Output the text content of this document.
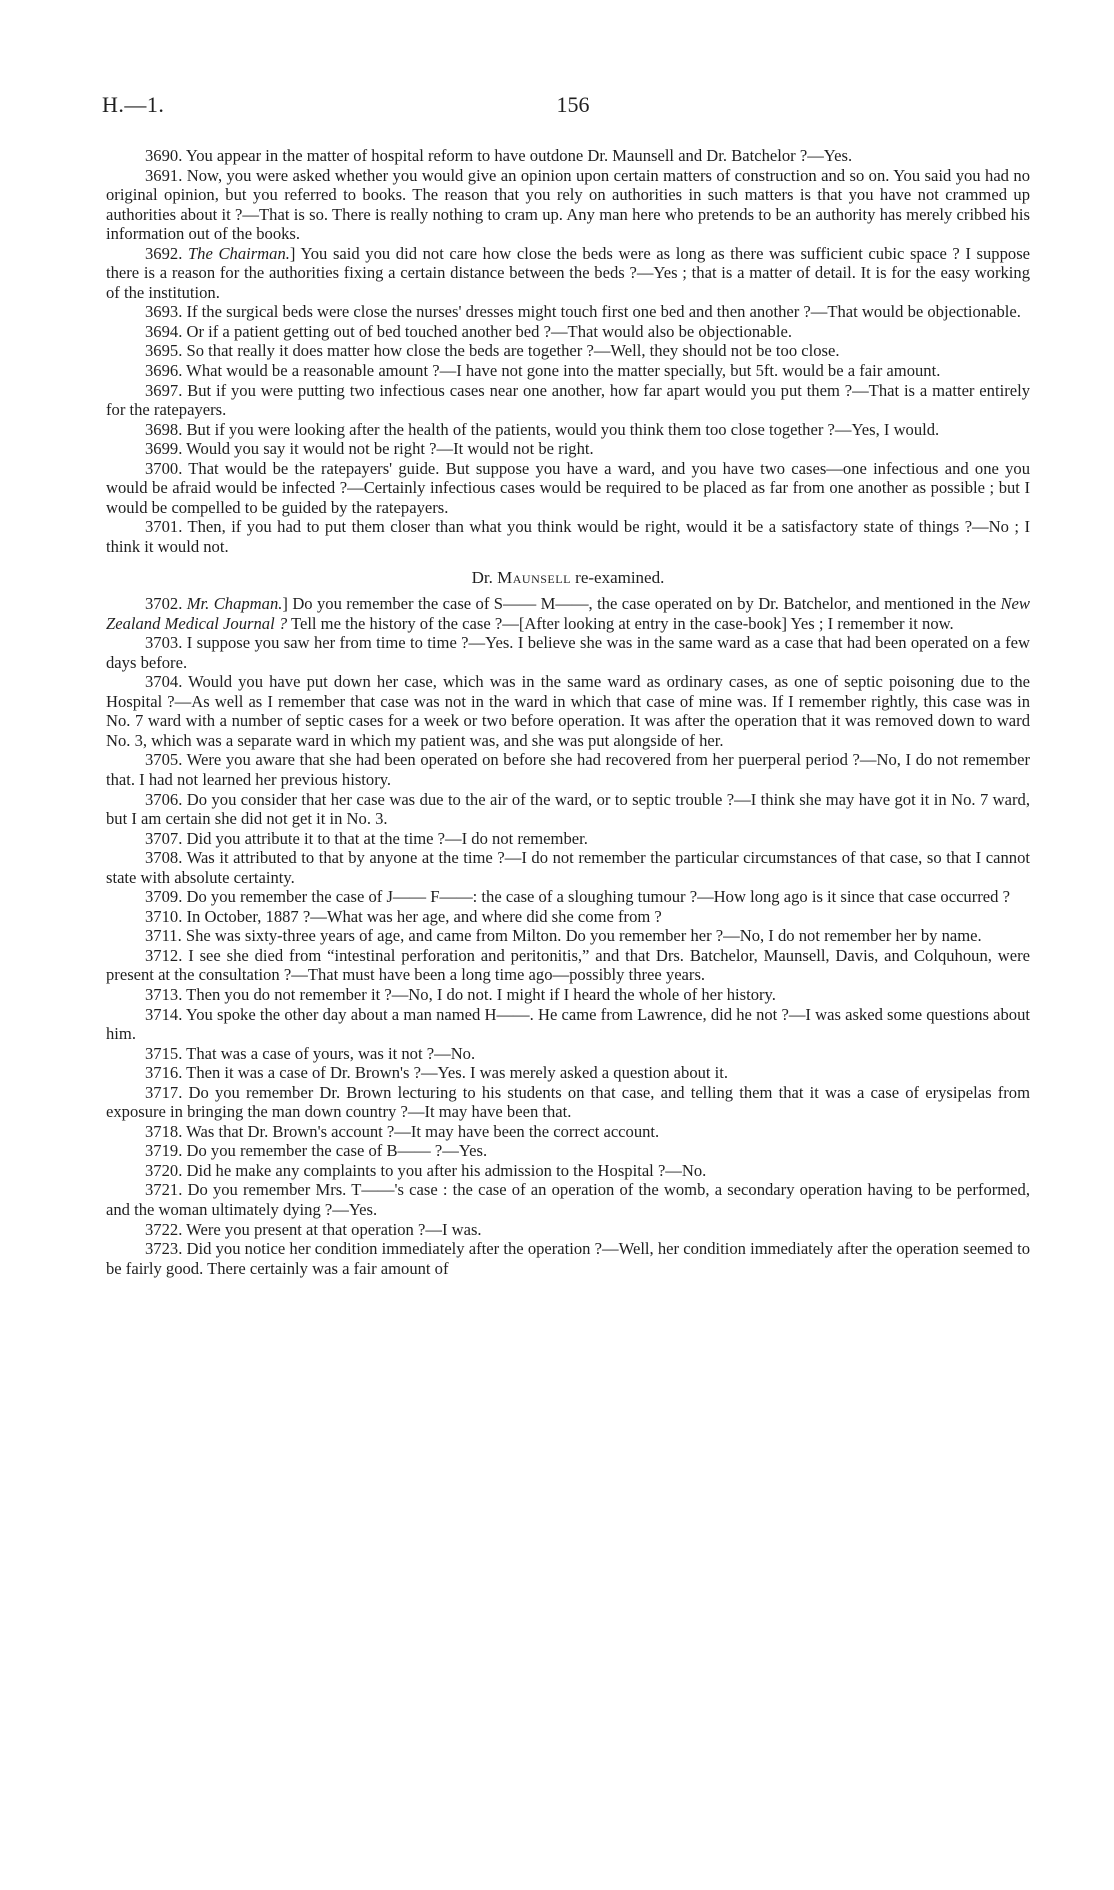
H.—1.	156

3690. You appear in the matter of hospital reform to have outdone Dr. Maunsell and Dr. Batchelor ?—Yes.

3691. Now, you were asked whether you would give an opinion upon certain matters of construction and so on. You said you had no original opinion, but you referred to books. The reason that you rely on authorities in such matters is that you have not crammed up authorities about it ?—That is so. There is really nothing to cram up. Any man here who pretends to be an authority has merely cribbed his information out of the books.

3692. The Chairman.] You said you did not care how close the beds were as long as there was sufficient cubic space ? I suppose there is a reason for the authorities fixing a certain distance between the beds ?—Yes ; that is a matter of detail. It is for the easy working of the institution.

3693. If the surgical beds were close the nurses' dresses might touch first one bed and then another ?—That would be objectionable.

3694. Or if a patient getting out of bed touched another bed ?—That would also be objectionable.

3695. So that really it does matter how close the beds are together ?—Well, they should not be too close.

3696. What would be a reasonable amount ?—I have not gone into the matter specially, but 5ft. would be a fair amount.

3697. But if you were putting two infectious cases near one another, how far apart would you put them ?—That is a matter entirely for the ratepayers.

3698. But if you were looking after the health of the patients, would you think them too close together ?—Yes, I would.

3699. Would you say it would not be right ?—It would not be right.

3700. That would be the ratepayers' guide. But suppose you have a ward, and you have two cases—one infectious and one you would be afraid would be infected ?—Certainly infectious cases would be required to be placed as far from one another as possible ; but I would be compelled to be guided by the ratepayers.

3701. Then, if you had to put them closer than what you think would be right, would it be a satisfactory state of things ?—No ; I think it would not.

Dr. Maunsell re-examined.

3702. Mr. Chapman.] Do you remember the case of S—— M——, the case operated on by Dr. Batchelor, and mentioned in the New Zealand Medical Journal ? Tell me the history of the case ?—[After looking at entry in the case-book] Yes ; I remember it now.

3703. I suppose you saw her from time to time ?—Yes. I believe she was in the same ward as a case that had been operated on a few days before.

3704. Would you have put down her case, which was in the same ward as ordinary cases, as one of septic poisoning due to the Hospital ?—As well as I remember that case was not in the ward in which that case of mine was. If I remember rightly, this case was in No. 7 ward with a number of septic cases for a week or two before operation. It was after the operation that it was removed down to ward No. 3, which was a separate ward in which my patient was, and she was put alongside of her.

3705. Were you aware that she had been operated on before she had recovered from her puerperal period ?—No, I do not remember that. I had not learned her previous history.

3706. Do you consider that her case was due to the air of the ward, or to septic trouble ?—I think she may have got it in No. 7 ward, but I am certain she did not get it in No. 3.

3707. Did you attribute it to that at the time ?—I do not remember.

3708. Was it attributed to that by anyone at the time ?—I do not remember the particular circumstances of that case, so that I cannot state with absolute certainty.

3709. Do you remember the case of J—— F——: the case of a sloughing tumour ?—How long ago is it since that case occurred ?

3710. In October, 1887 ?—What was her age, and where did she come from ?

3711. She was sixty-three years of age, and came from Milton. Do you remember her ?—No, I do not remember her by name.

3712. I see she died from “intestinal perforation and peritonitis,” and that Drs. Batchelor, Maunsell, Davis, and Colquhoun, were present at the consultation ?—That must have been a long time ago—possibly three years.

3713. Then you do not remember it ?—No, I do not. I might if I heard the whole of her history.

3714. You spoke the other day about a man named H——. He came from Lawrence, did he not ?—I was asked some questions about him.

3715. That was a case of yours, was it not ?—No.

3716. Then it was a case of Dr. Brown's ?—Yes. I was merely asked a question about it.

3717. Do you remember Dr. Brown lecturing to his students on that case, and telling them that it was a case of erysipelas from exposure in bringing the man down country ?—It may have been that.

3718. Was that Dr. Brown's account ?—It may have been the correct account.

3719. Do you remember the case of B—— ?—Yes.

3720. Did he make any complaints to you after his admission to the Hospital ?—No.

3721. Do you remember Mrs. T——'s case : the case of an operation of the womb, a secondary operation having to be performed, and the woman ultimately dying ?—Yes.

3722. Were you present at that operation ?—I was.

3723. Did you notice her condition immediately after the operation ?—Well, her condition immediately after the operation seemed to be fairly good. There certainly was a fair amount of
